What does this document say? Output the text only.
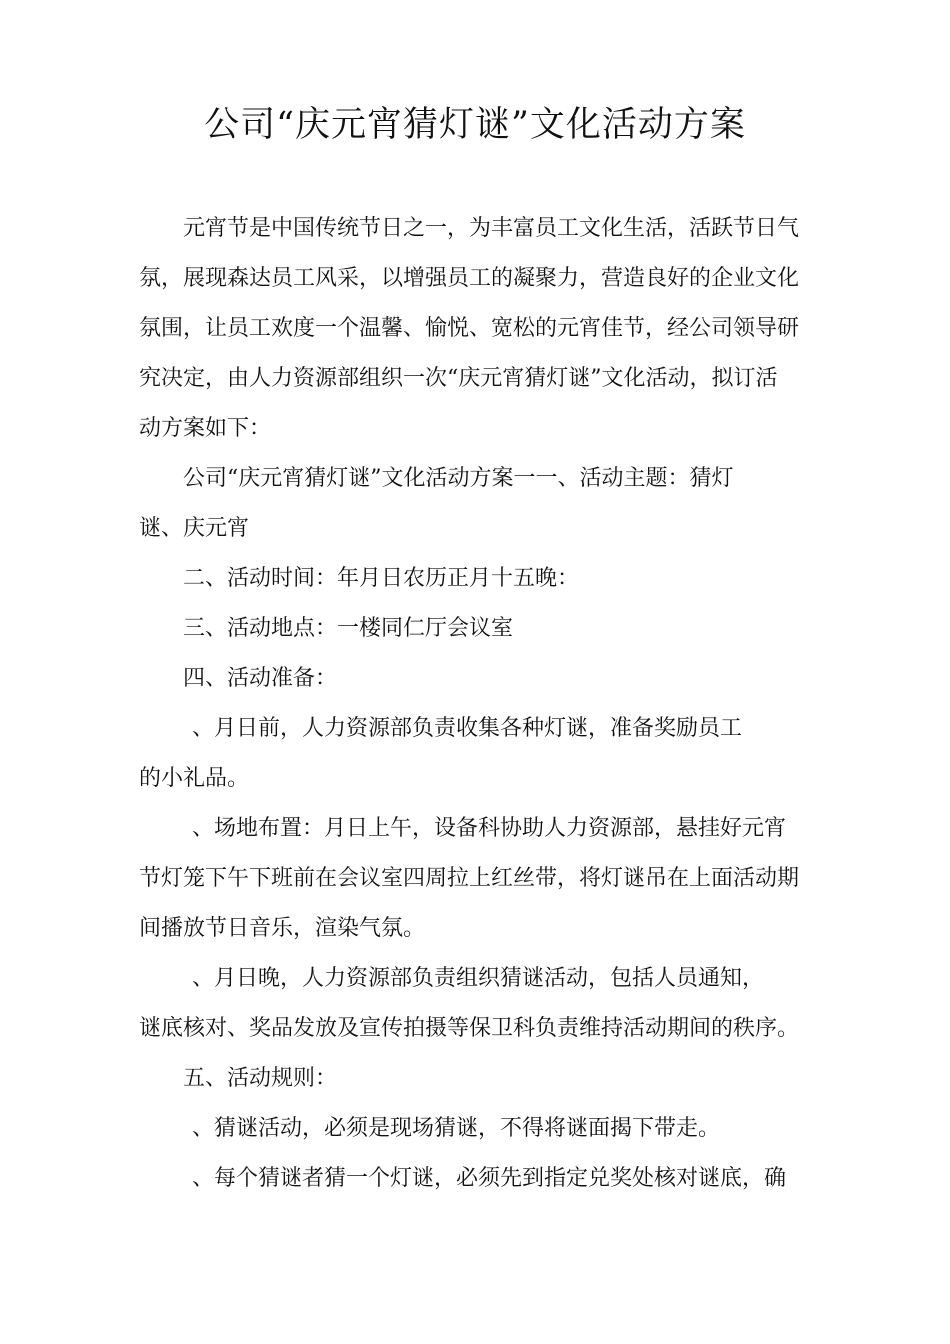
公司“庆元宵猜灯谜”文化活动方案

元宵节是中国传统节日之一，为丰富员工文化生活，活跃节日气

氛，展现森达员工风采，以增强员工的凝聚力，营造良好的企业文化

氛围，让员工欢度一个温馨、愉悦、宽松的元宵佳节，经公司领导研

究决定，由人力资源部组织一次“庆元宵猜灯谜”文化活动，拟订活

动方案如下：

公司“庆元宵猜灯谜”文化活动方案一一、活动主题：猜灯

谜、庆元宵

二、活动时间：年月日农历正月十五晚：

三、活动地点：一楼同仁厅会议室

四、活动准备：

、月日前，人力资源部负责收集各种灯谜，准备奖励员工

的小礼品。

、场地布置：月日上午，设备科协助人力资源部，悬挂好元宵

节灯笼下午下班前在会议室四周拉上红丝带，将灯谜吊在上面活动期

间播放节日音乐，渲染气氛。

、月日晚，人力资源部负责组织猜谜活动，包括人员通知，

谜底核对、奖品发放及宣传拍摄等保卫科负责维持活动期间的秩序。

五、活动规则：

、猜谜活动，必须是现场猜谜，不得将谜面揭下带走。

、每个猜谜者猜一个灯谜，必须先到指定兑奖处核对谜底，确
